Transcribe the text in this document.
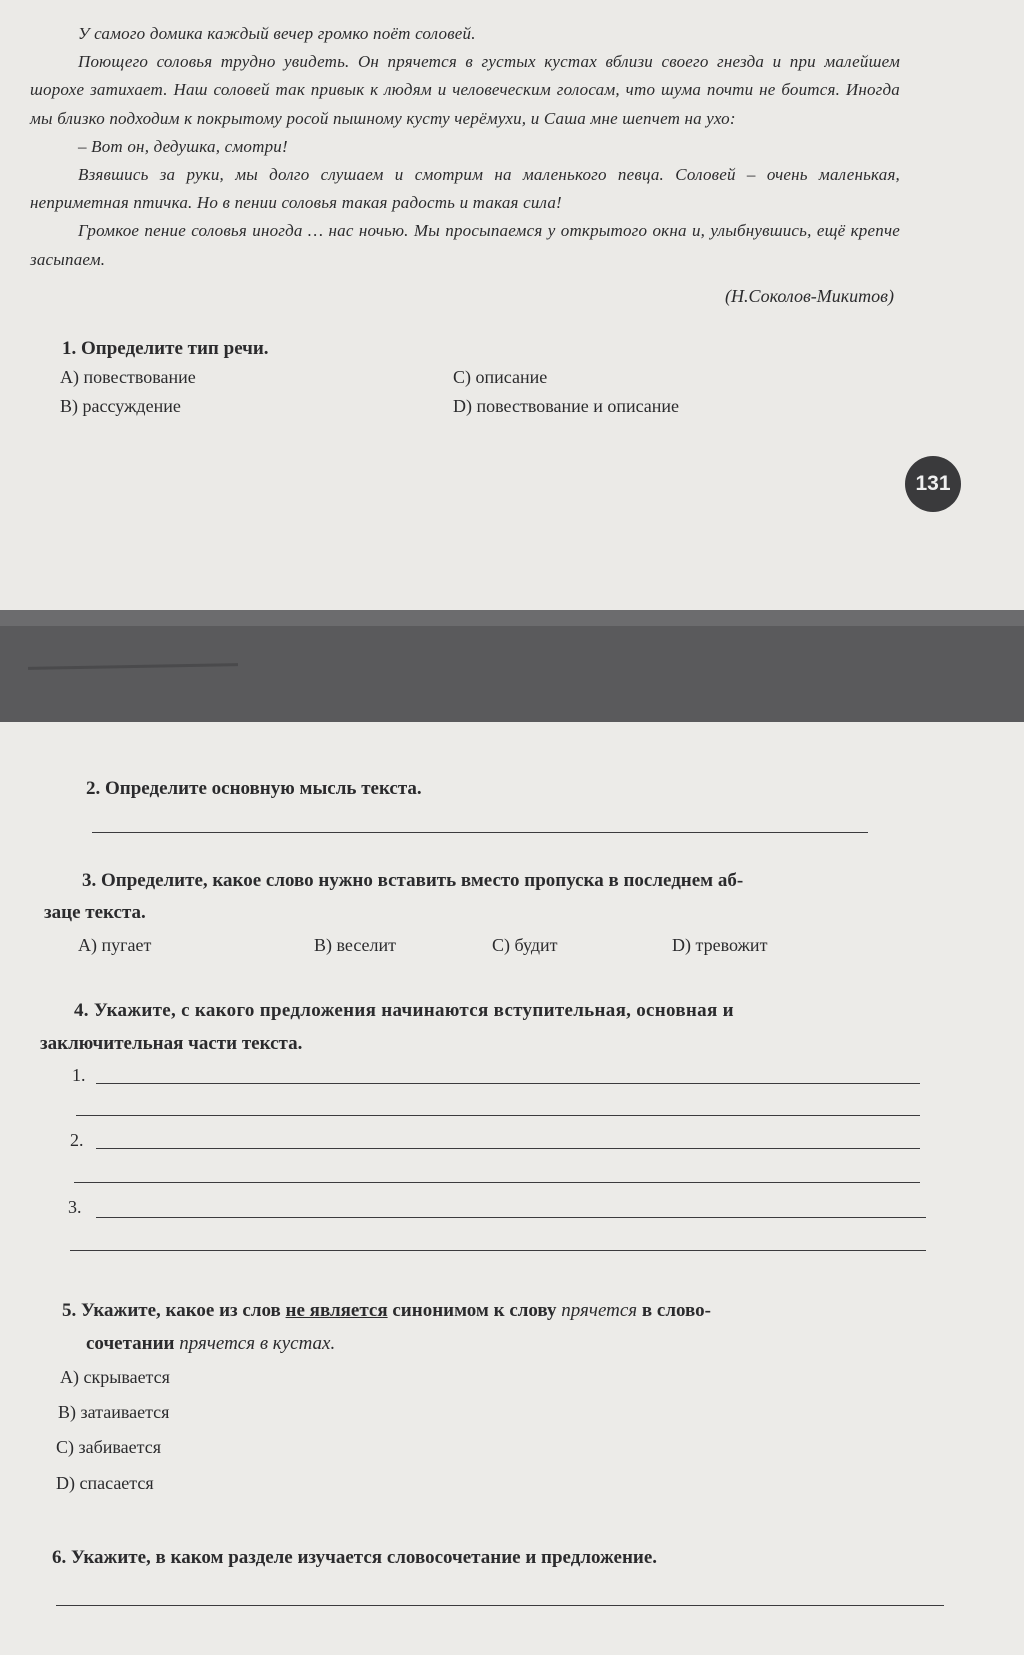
У самого домика каждый вечер громко поёт соловей.

Поющего соловья трудно увидеть. Он прячется в густых кустах вблизи своего гнезда и при малейшем шорохе затихает. Наш соловей так привык к людям и человеческим голосам, что шума почти не боится. Иногда мы близко подходим к покрытому росой пышному кусту черёмухи, и Саша мне шепчет на ухо:

– Вот он, дедушка, смотри!

Взявшись за руки, мы долго слушаем и смотрим на маленького певца. Соловей – очень маленькая, неприметная птичка. Но в пении соловья такая радость и такая сила!

Громкое пение соловья иногда … нас ночью. Мы просыпаемся у открытого окна и, улыбнувшись, ещё крепче засыпаем.

(Н.Соколов-Микитов)
1. Определите тип речи.
A) повествование
B) рассуждение
C) описание
D) повествование и описание
131
2. Определите основную мысль текста.
3. Определите, какое слово нужно вставить вместо пропуска в последнем аб-
заце текста.
A) пугает	B) веселит	C) будит	D) тревожит
4. Укажите, с какого предложения начинаются вступительная, основная и
заключительная части текста.
1.
2.
3.
5. Укажите, какое из слов не является синонимом к слову прячется в слово-
сочетании прячется в кустах.
A) скрывается
B) затаивается
C) забивается
D) спасается
6. Укажите, в каком разделе изучается словосочетание и предложение.
